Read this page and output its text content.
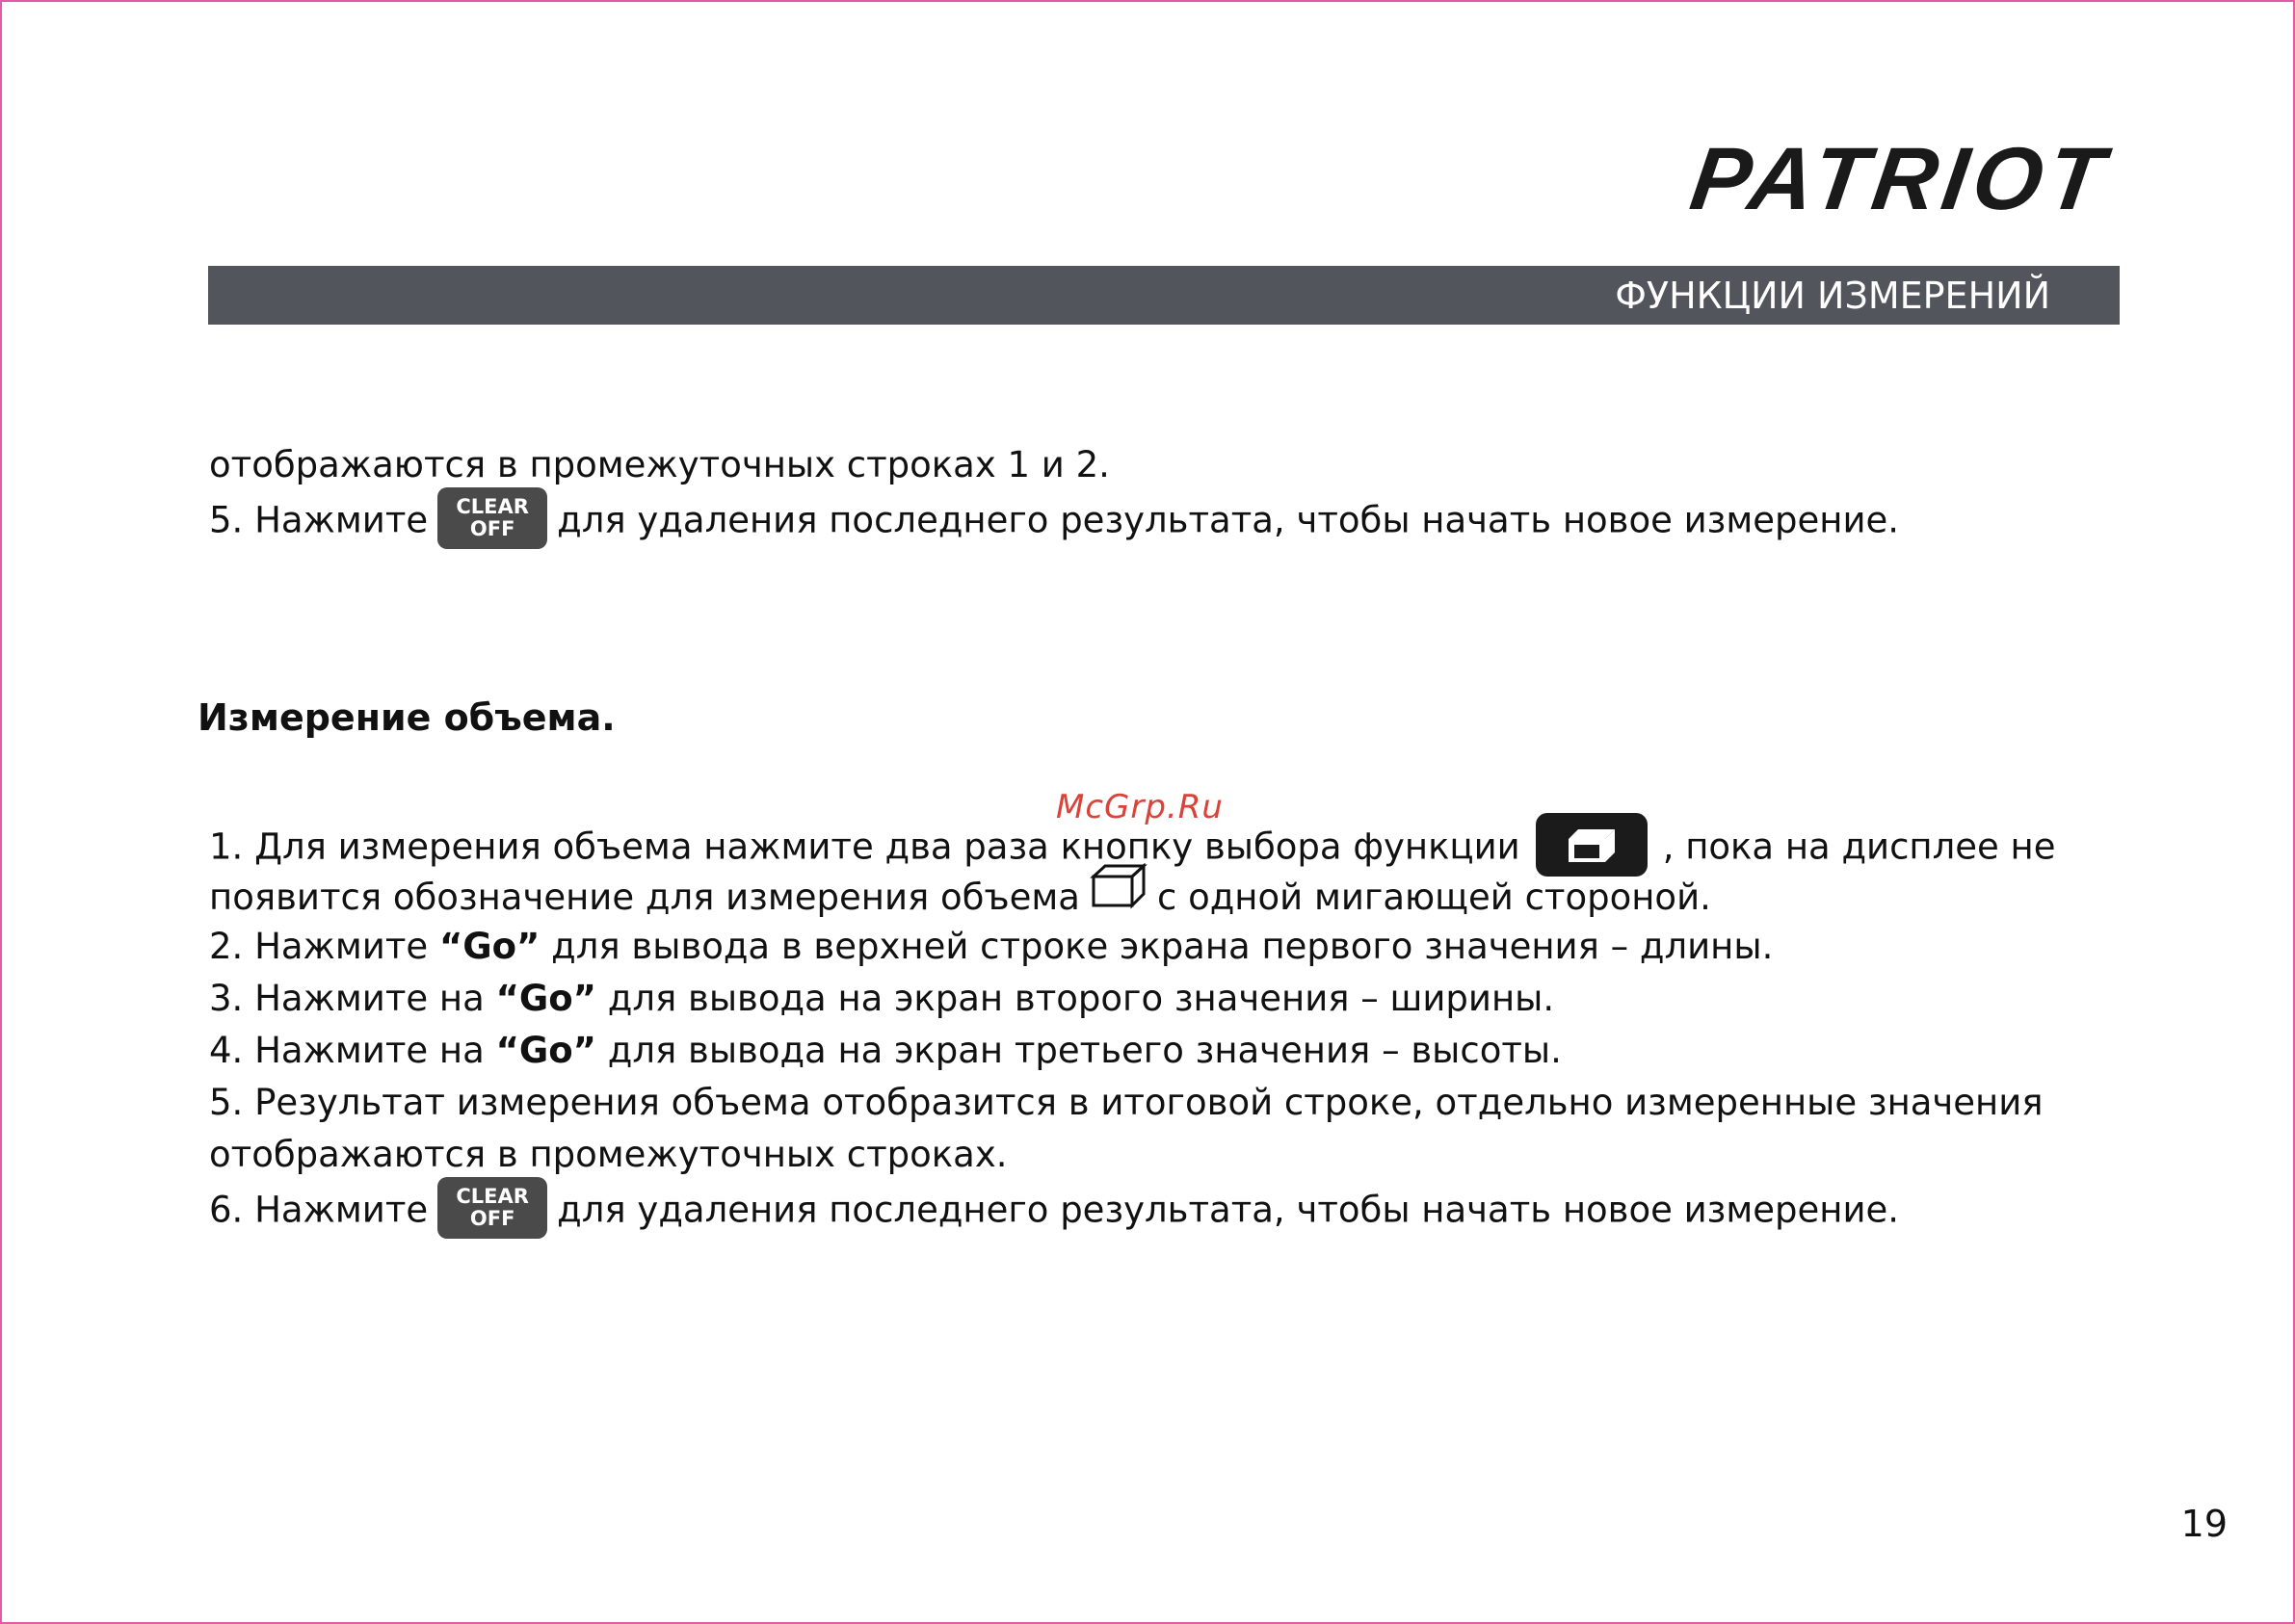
PATRIOT
ФУНКЦИИ ИЗМЕРЕНИЙ
отображаются в промежуточных строках 1 и 2.
5. Нажмите CLEAR
OFF для удаления последнего результата, чтобы начать новое измерение.
Измерение объема.
McGrp.Ru
1. Для измерения объема нажмите два раза кнопку выбора функции	, пока на дисплее не
появится обозначение для измерения объема с одной мигающей стороной.
2. Нажмите “Go” для вывода в верхней строке экрана первого значения – длины.
3. Нажмите на “Go” для вывода на экран второго значения – ширины.
4. Нажмите на “Go” для вывода на экран третьего значения – высоты.
5. Результат измерения объема отобразится в итоговой строке, отдельно измеренные значения
отображаются в промежуточных строках.
6. Нажмите CLEAR
OFF для удаления последнего результата, чтобы начать новое измерение.
19
